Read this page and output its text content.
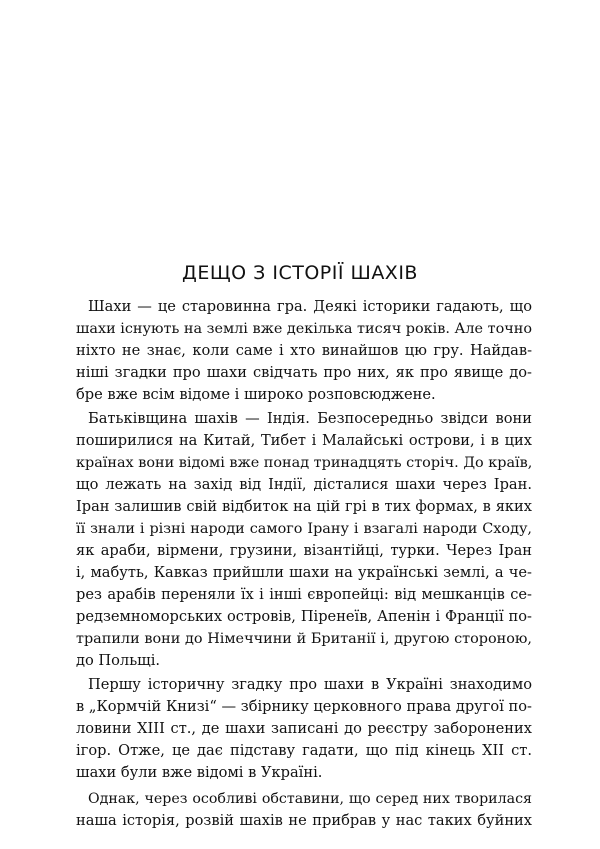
ДЕЩО З ІСТОРІЇ ШАХІВ
Шахи — це старовинна гра. Деякі історики гадають, що
шахи існують на землі вже декілька тисяч років. Але точно
ніхто не знає, коли саме і хто винайшов цю гру. Найдав-
ніші згадки про шахи свідчать про них, як про явище до-
бре вже всім відоме і широко розповсюджене.
Батьківщина шахів — Індія. Безпосередньо звідси вони
поширилися на Китай, Тибет і Малайські острови, і в цих
країнах вони відомі вже понад тринадцять сторіч. До країв,
що лежать на захід від Індії, дісталися шахи через Іран.
Іран залишив свій відбиток на цій грі в тих формах, в яких
її знали і різні народи самого Ірану і взагалі народи Сходу,
як араби, вірмени, грузини, візантійці, турки. Через Іран
і, мабуть, Кавказ прийшли шахи на українські землі, а че-
рез арабів переняли їх і інші європейці: від мешканців се-
редземноморських островів, Піренеїв, Апенін і Франції по-
трапили вони до Німеччини й Британії і, другою стороною,
до Польщі.
Першу історичну згадку про шахи в Україні знаходимо
в „Кормчій Книзі“ — збірнику церковного права другої по-
ловини XIII ст., де шахи записані до реєстру заборонених
ігор. Отже, це дає підставу гадати, що під кінець XII ст.
шахи були вже відомі в Україні.
Однак, через особливі обставини, що серед них творилася
наша історія, розвій шахів не прибрав у нас таких буйних
